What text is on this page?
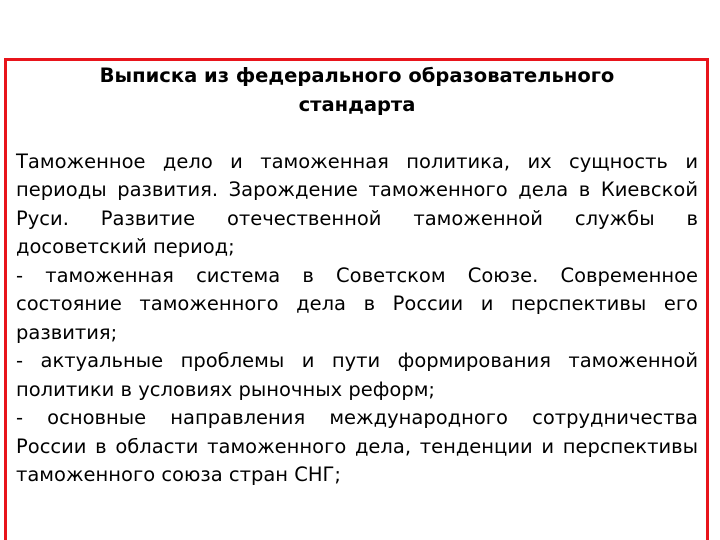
Выписка из федерального образовательного стандарта

Таможенное дело и таможенная политика, их сущность и периоды развития. Зарождение таможенного дела в Киевской Руси. Развитие отечественной таможенной службы в досоветский период;

- таможенная система в Советском Союзе. Современное состояние таможенного дела в России и перспективы его развития;

- актуальные проблемы и пути формирования таможенной политики в условиях рыночных реформ;

- основные направления международного сотрудничества России в области таможенного дела, тенденции и перспективы таможенного союза стран СНГ;
